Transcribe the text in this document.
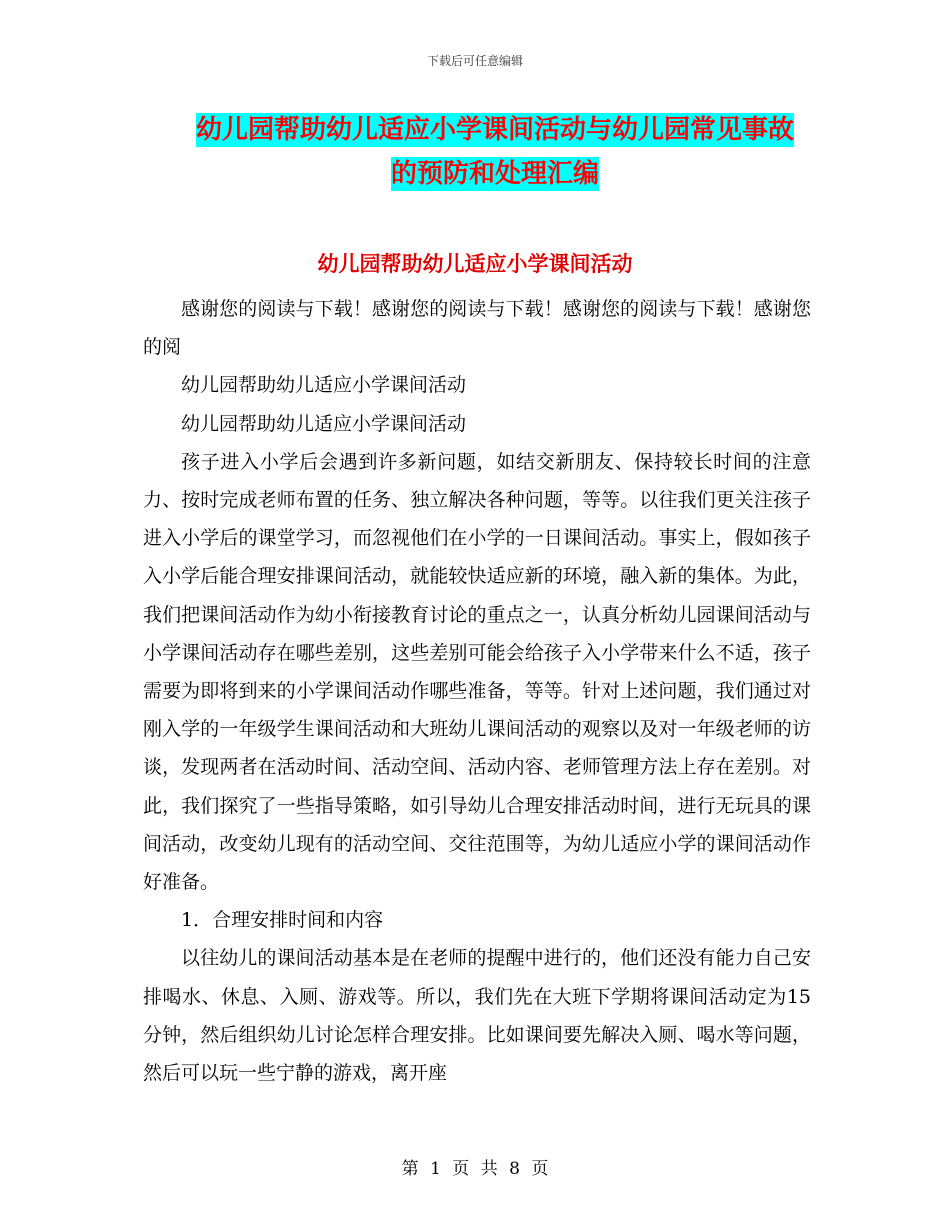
下载后可任意编辑
幼儿园帮助幼儿适应小学课间活动与幼儿园常见事故
的预防和处理汇编
幼儿园帮助幼儿适应小学课间活动

感谢您的阅读与下载！感谢您的阅读与下载！感谢您的阅读与下载！感谢您的阅

幼儿园帮助幼儿适应小学课间活动

幼儿园帮助幼儿适应小学课间活动

孩子进入小学后会遇到许多新问题，如结交新朋友、保持较长时间的注意力、按时完成老师布置的任务、独立解决各种问题，等等。以往我们更关注孩子进入小学后的课堂学习，而忽视他们在小学的一日课间活动。事实上，假如孩子入小学后能合理安排课间活动，就能较快适应新的环境，融入新的集体。为此，我们把课间活动作为幼小衔接教育讨论的重点之一，认真分析幼儿园课间活动与小学课间活动存在哪些差别，这些差别可能会给孩子入小学带来什么不适，孩子需要为即将到来的小学课间活动作哪些准备，等等。针对上述问题，我们通过对刚入学的一年级学生课间活动和大班幼儿课间活动的观察以及对一年级老师的访谈，发现两者在活动时间、活动空间、活动内容、老师管理方法上存在差别。对此，我们探究了一些指导策略，如引导幼儿合理安排活动时间，进行无玩具的课间活动，改变幼儿现有的活动空间、交往范围等，为幼儿适应小学的课间活动作好准备。

1．合理安排时间和内容

以往幼儿的课间活动基本是在老师的提醒中进行的，他们还没有能力自己安排喝水、休息、入厕、游戏等。所以，我们先在大班下学期将课间活动定为15分钟，然后组织幼儿讨论怎样合理安排。比如课间要先解决入厕、喝水等问题，然后可以玩一些宁静的游戏，离开座

第 1 页 共 8 页
